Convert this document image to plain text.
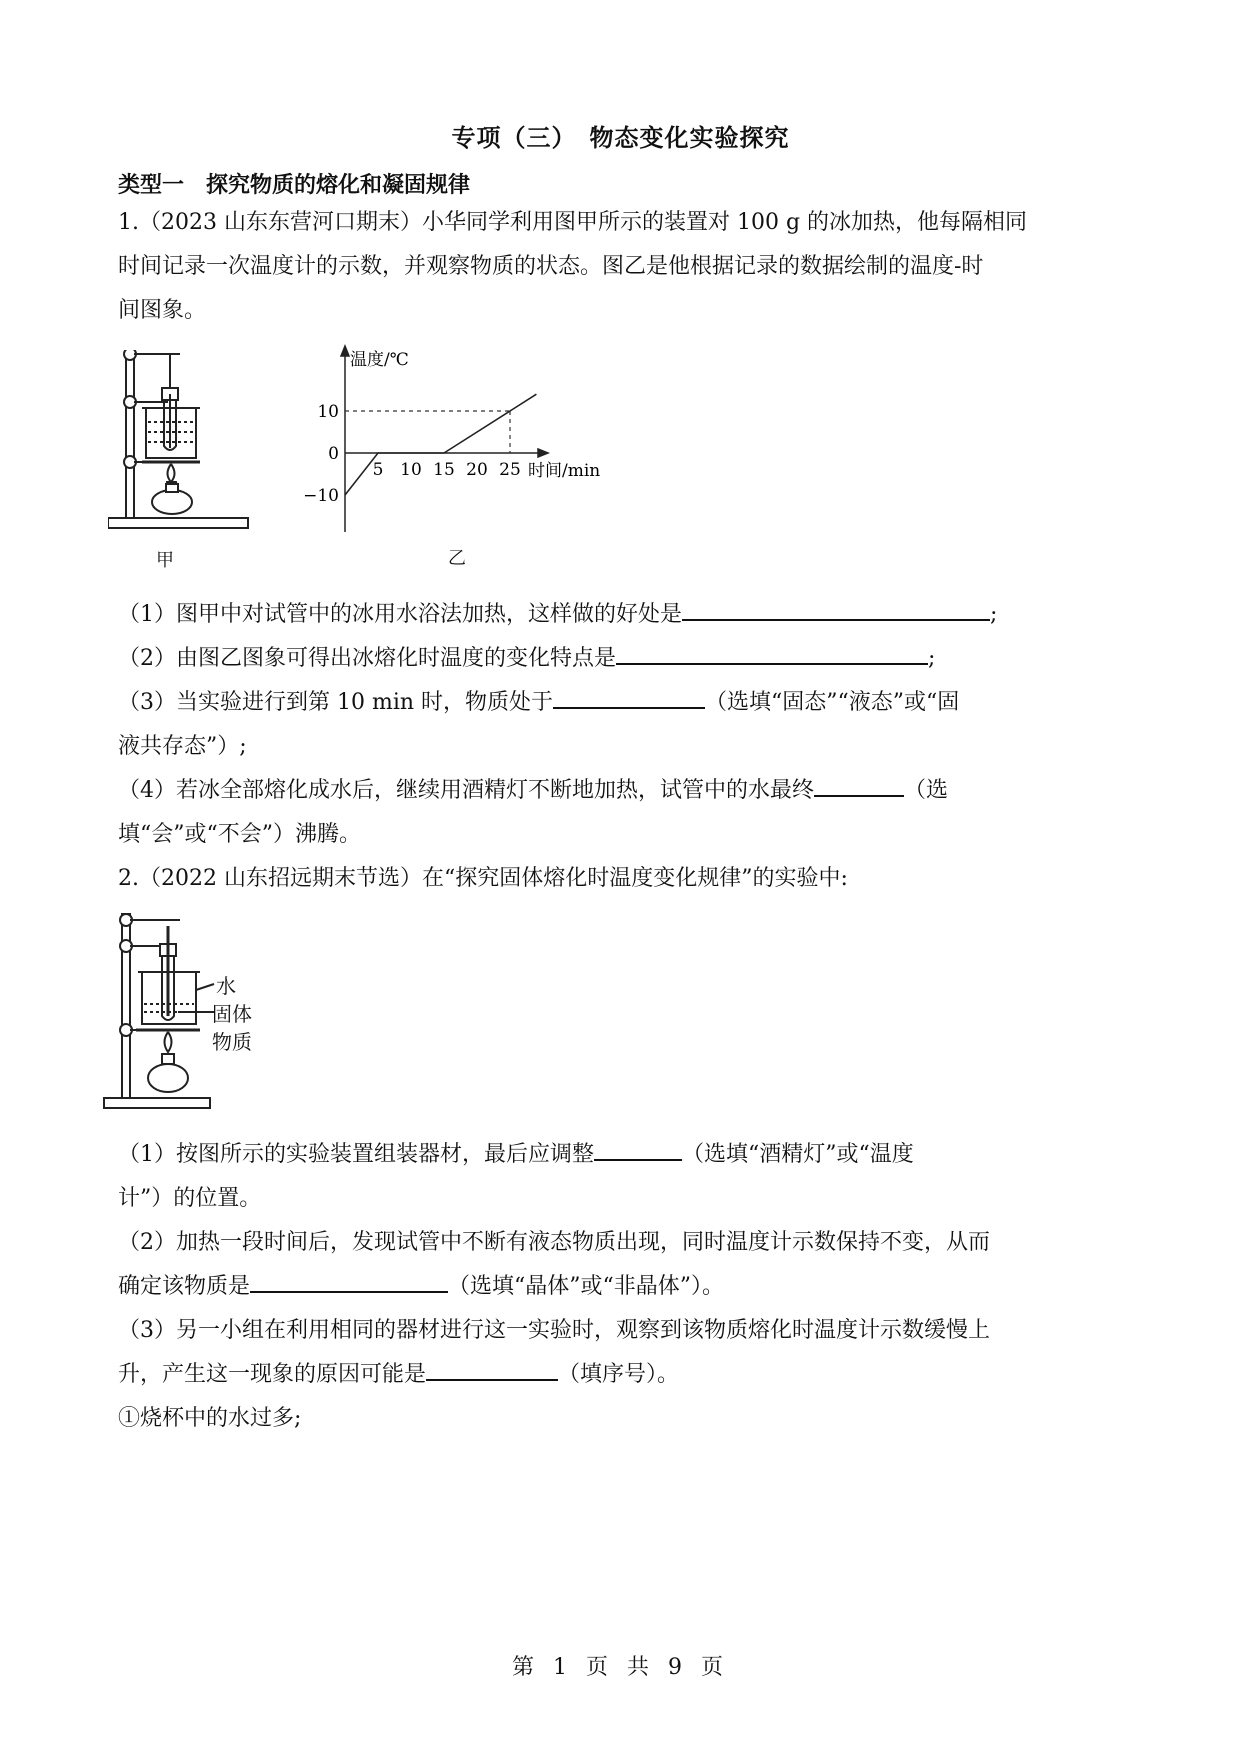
专项（三）　物态变化实验探究
类型一　探究物质的熔化和凝固规律
1.（2023 山东东营河口期末）小华同学利用图甲所示的装置对 100 g 的冰加热，他每隔相同
时间记录一次温度计的示数，并观察物质的状态。图乙是他根据记录的数据绘制的温度-时
间图象。
甲
温度/℃
时间/min
5 10 15 20 25
10
0
−10
乙
（1）图甲中对试管中的冰用水浴法加热，这样做的好处是	;
（2）由图乙图象可得出冰熔化时温度的变化特点是	;
（3）当实验进行到第 10 min 时，物质处于	（选填“固态”“液态”或“固
液共存态”）;
（4）若冰全部熔化成水后，继续用酒精灯不断地加热，试管中的水最终	（选
填“会”或“不会”）沸腾。
2.（2022 山东招远期末节选）在“探究固体熔化时温度变化规律”的实验中:
水
固体
物质
（1）按图所示的实验装置组装器材，最后应调整	（选填“酒精灯”或“温度
计”）的位置。
（2）加热一段时间后，发现试管中不断有液态物质出现，同时温度计示数保持不变，从而
确定该物质是	（选填“晶体”或“非晶体”）。
（3）另一小组在利用相同的器材进行这一实验时，观察到该物质熔化时温度计示数缓慢上
升，产生这一现象的原因可能是	（填序号）。
①烧杯中的水过多;
第 1 页 共 9 页
